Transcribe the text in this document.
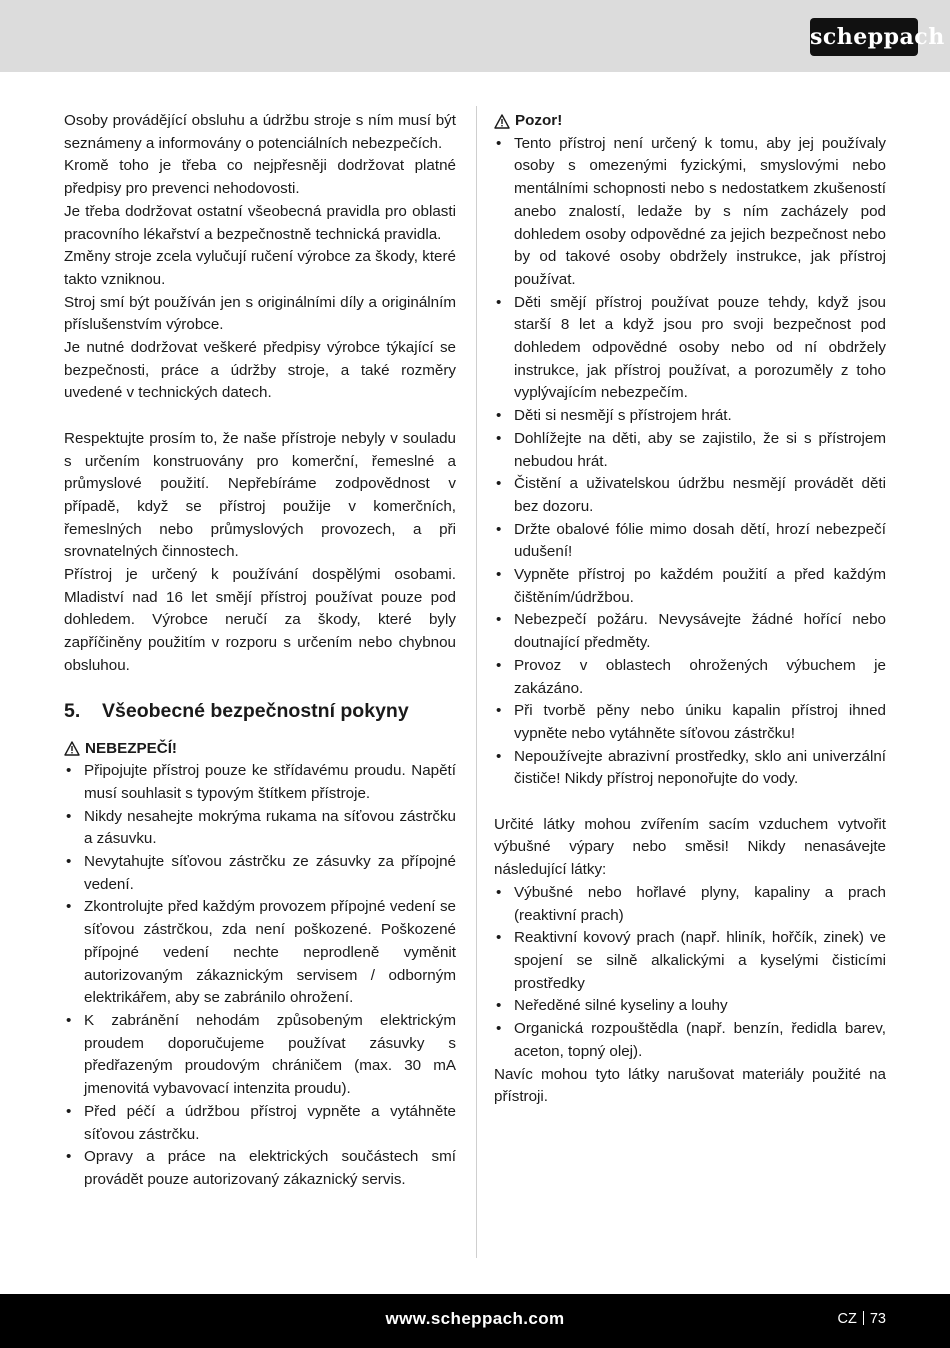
scheppach

Osoby provádějící obsluhu a údržbu stroje s ním musí být seznámeny a informovány o potenciálních nebezpečích.

Kromě toho je třeba co nejpřesněji dodržovat platné předpisy pro prevenci nehodovosti.

Je třeba dodržovat ostatní všeobecná pravidla pro oblasti pracovního lékařství a bezpečnostně technická pravidla.

Změny stroje zcela vylučují ručení výrobce za škody, které takto vzniknou.

Stroj smí být používán jen s originálními díly a originálním příslušenstvím výrobce.

Je nutné dodržovat veškeré předpisy výrobce týkající se bezpečnosti, práce a údržby stroje, a také rozměry uvedené v technických datech.

Respektujte prosím to, že naše přístroje nebyly v souladu s určením konstruovány pro komerční, řemeslné a průmyslové použití. Nepřebíráme zodpovědnost v případě, když se přístroj použije v komerčních, řemeslných nebo průmyslových provozech, a při srovnatelných činnostech.

Přístroj je určený k používání dospělými osobami. Mladiství nad 16 let smějí přístroj používat pouze pod dohledem. Výrobce neručí za škody, které byly zapříčiněny použitím v rozporu s určením nebo chybnou obsluhou.

5.	Všeobecné bezpečnostní pokyny
NEBEZPEČÍ!
• Připojujte přístroj pouze ke střídavému proudu. Napětí musí souhlasit s typovým štítkem přístroje.
• Nikdy nesahejte mokrýma rukama na síťovou zástrčku a zásuvku.
• Nevytahujte síťovou zástrčku ze zásuvky za přípojné vedení.
• Zkontrolujte před každým provozem přípojné vedení se síťovou zástrčkou, zda není poškozené. Poškozené přípojné vedení nechte neprodleně vyměnit autorizovaným zákaznickým servisem / odborným elektrikářem, aby se zabránilo ohrožení.
• K zabránění nehodám způsobeným elektrickým proudem doporučujeme používat zásuvky s předřazeným proudovým chráničem (max. 30 mA jmenovitá vybavovací intenzita proudu).
• Před péčí a údržbou přístroj vypněte a vytáhněte síťovou zástrčku.
• Opravy a práce na elektrických součástech smí provádět pouze autorizovaný zákaznický servis.
Pozor!
• Tento přístroj není určený k tomu, aby jej používaly osoby s omezenými fyzickými, smyslovými nebo mentálními schopnosti nebo s nedostatkem zkušeností anebo znalostí, ledaže by s ním zacházely pod dohledem osoby odpovědné za jejich bezpečnost nebo by od takové osoby obdržely instrukce, jak přístroj používat.
• Děti smějí přístroj používat pouze tehdy, když jsou starší 8 let a když jsou pro svoji bezpečnost pod dohledem odpovědné osoby nebo od ní obdržely instrukce, jak přístroj používat, a porozuměly z toho vyplývajícím nebezpečím.
• Děti si nesmějí s přístrojem hrát.
• Dohlížejte na děti, aby se zajistilo, že si s přístrojem nebudou hrát.
• Čistění a uživatelskou údržbu nesmějí provádět děti bez dozoru.
• Držte obalové fólie mimo dosah dětí, hrozí nebezpečí udušení!
• Vypněte přístroj po každém použití a před každým čištěním/údržbou.
• Nebezpečí požáru. Nevysávejte žádné hořící nebo doutnající předměty.
• Provoz v oblastech ohrožených výbuchem je zakázáno.
• Při tvorbě pěny nebo úniku kapalin přístroj ihned vypněte nebo vytáhněte síťovou zástrčku!
• Nepoužívejte abrazivní prostředky, sklo ani univerzální čističe! Nikdy přístroj neponořujte do vody.

Určité látky mohou zvířením sacím vzduchem vytvořit výbušné výpary nebo směsi! Nikdy nenasávejte následující látky:

• Výbušné nebo hořlavé plyny, kapaliny a prach (reaktivní prach)
• Reaktivní kovový prach (např. hliník, hořčík, zinek) ve spojení se silně alkalickými a kyselými čisticími prostředky
• Neředěné silné kyseliny a louhy
• Organická rozpouštědla (např. benzín, ředidla barev, aceton, topný olej).

Navíc mohou tyto látky narušovat materiály použité na přístroji.

www.scheppach.com	CZ 73
